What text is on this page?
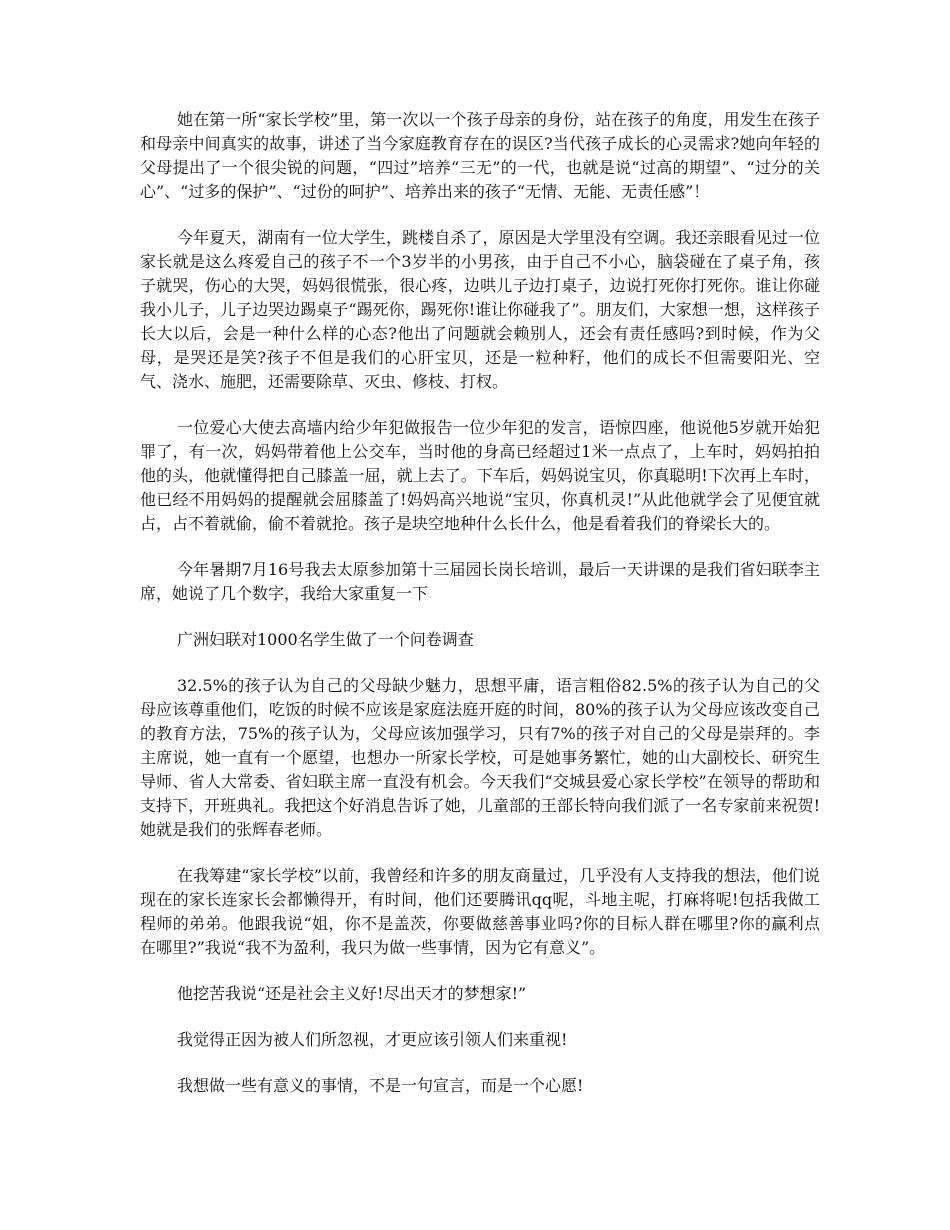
她在第一所“家长学校”里，第一次以一个孩子母亲的身份，站在孩子的角度，用发生在孩子和母亲中间真实的故事，讲述了当今家庭教育存在的误区?当代孩子成长的心灵需求?她向年轻的父母提出了一个很尖锐的问题，“四过”培养“三无”的一代，也就是说“过高的期望”、“过分的关心”、“过多的保护”、“过份的呵护”、培养出来的孩子“无情、无能、无责任感”！

今年夏天，湖南有一位大学生，跳楼自杀了，原因是大学里没有空调。我还亲眼看见过一位家长就是这么疼爱自己的孩子不一个3岁半的小男孩，由于自己不小心，脑袋碰在了桌子角，孩子就哭，伤心的大哭，妈妈很慌张，很心疼，边哄儿子边打桌子，边说打死你打死你。谁让你碰我小儿子，儿子边哭边踢桌子“踢死你，踢死你!谁让你碰我了”。朋友们，大家想一想，这样孩子长大以后，会是一种什么样的心态?他出了问题就会赖别人，还会有责任感吗?到时候，作为父母，是哭还是笑?孩子不但是我们的心肝宝贝，还是一粒种籽，他们的成长不但需要阳光、空气、浇水、施肥，还需要除草、灭虫、修枝、打杈。

一位爱心大使去高墙内给少年犯做报告一位少年犯的发言，语惊四座，他说他5岁就开始犯罪了，有一次，妈妈带着他上公交车，当时他的身高已经超过1米一点点了，上车时，妈妈拍拍他的头，他就懂得把自己膝盖一屈，就上去了。下车后，妈妈说宝贝，你真聪明!下次再上车时，他已经不用妈妈的提醒就会屈膝盖了!妈妈高兴地说“宝贝，你真机灵!”从此他就学会了见便宜就占，占不着就偷，偷不着就抢。孩子是块空地种什么长什么，他是看着我们的脊梁长大的。

今年暑期7月16号我去太原参加第十三届园长岗长培训，最后一天讲课的是我们省妇联李主席，她说了几个数字，我给大家重复一下

广洲妇联对1000名学生做了一个问卷调查

32.5%的孩子认为自己的父母缺少魅力，思想平庸，语言粗俗82.5%的孩子认为自己的父母应该尊重他们，吃饭的时候不应该是家庭法庭开庭的时间，80%的孩子认为父母应该改变自己的教育方法，75%的孩子认为，父母应该加强学习，只有7%的孩子对自己的父母是崇拜的。李主席说，她一直有一个愿望，也想办一所家长学校，可是她事务繁忙，她的山大副校长、研究生导师、省人大常委、省妇联主席一直没有机会。今天我们“交城县爱心家长学校”在领导的帮助和支持下，开班典礼。我把这个好消息告诉了她，儿童部的王部长特向我们派了一名专家前来祝贺!她就是我们的张辉春老师。

在我筹建“家长学校”以前，我曾经和许多的朋友商量过，几乎没有人支持我的想法，他们说现在的家长连家长会都懒得开，有时间，他们还要腾讯qq呢，斗地主呢，打麻将呢!包括我做工程师的弟弟。他跟我说“姐，你不是盖茨，你要做慈善事业吗?你的目标人群在哪里?你的赢利点在哪里?”我说“我不为盈利，我只为做一些事情，因为它有意义”。

他挖苦我说“还是社会主义好!尽出天才的梦想家!”

我觉得正因为被人们所忽视，才更应该引领人们来重视!

我想做一些有意义的事情，不是一句宣言，而是一个心愿!
